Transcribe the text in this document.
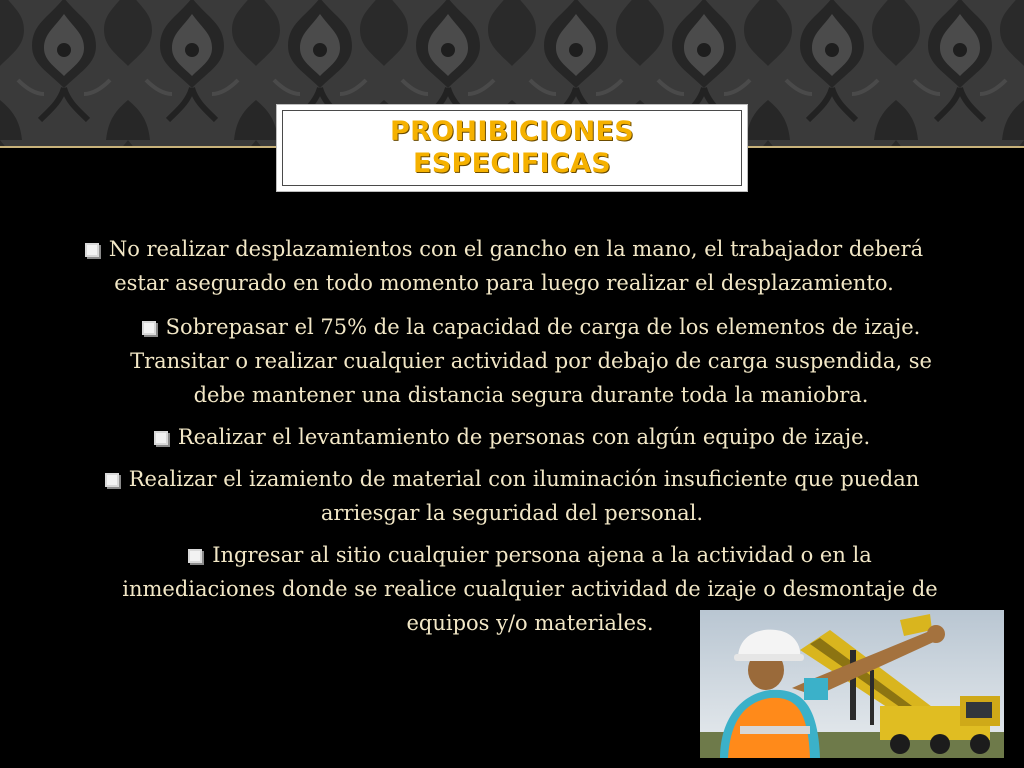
PROHIBICIONES
ESPECIFICAS

No realizar desplazamientos con el gancho en la mano, el trabajador deberá
estar asegurado en todo momento para luego realizar el desplazamiento.

Sobrepasar el 75% de la capacidad de carga de los elementos de izaje.
Transitar o realizar cualquier actividad por debajo de carga suspendida, se
debe mantener una distancia segura durante toda la maniobra.

Realizar el levantamiento de personas con algún equipo de izaje.

Realizar el izamiento de material con iluminación insuficiente que puedan
arriesgar la seguridad del personal.

Ingresar al sitio cualquier persona ajena a la actividad o en la
inmediaciones donde se realice cualquier actividad de izaje o desmontaje de
equipos y/o materiales.
